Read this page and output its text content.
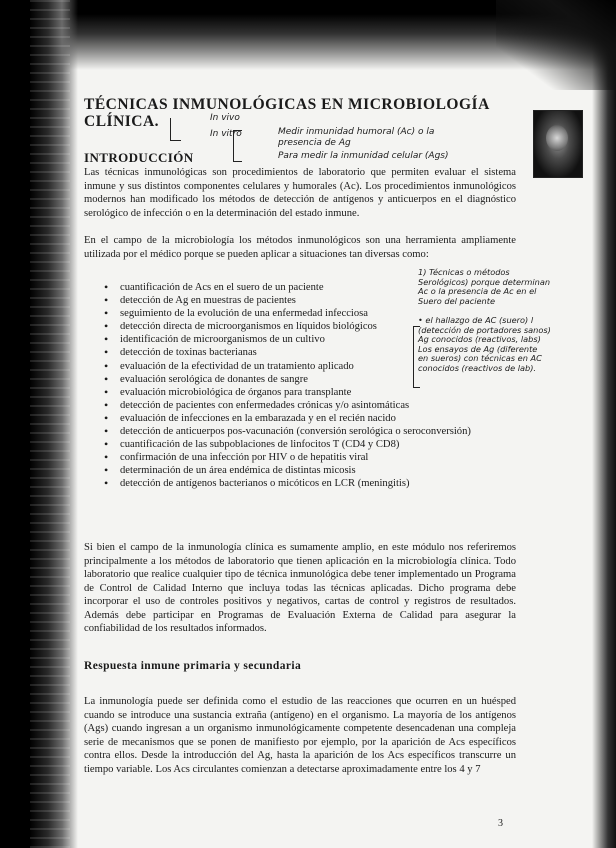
TÉCNICAS INMUNOLÓGICAS EN MICROBIOLOGÍA
CLÍNICA.	In vivo
In vitro	Medir inmunidad humoral (Ac) o la
presencia de Ag
Para medir la inmunidad celular (Ags)
INTRODUCCIÓN
Las técnicas inmunológicas son procedimientos de laboratorio que permiten evaluar el sistema inmune y sus distintos componentes celulares y humorales (Ac). Los procedimientos inmunológicos modernos han modificado los métodos de detección de antígenos y anticuerpos en el diagnóstico serológico de infección o en la determinación del estado inmune.
En el campo de la microbiología los métodos inmunológicos son una herramienta ampliamente utilizada por el médico porque se pueden aplicar a situaciones tan diversas como:
• cuantificación de Acs en el suero de un paciente
• detección de Ag en muestras de pacientes
• seguimiento de la evolución de una enfermedad infecciosa
• detección directa de microorganismos en líquidos biológicos
• identificación de microorganismos de un cultivo
• detección de toxinas bacterianas
• evaluación de la efectividad de un tratamiento aplicado
• evaluación serológica de donantes de sangre
• evaluación microbiológica de órganos para transplante
• detección de pacientes con enfermedades crónicas y/o asintomáticas
• evaluación de infecciones en la embarazada y en el recién nacido
• detección de anticuerpos pos-vacunación (conversión serológica o seroconversión)
• cuantificación de las subpoblaciones de linfocitos T (CD4 y CD8)
• confirmación de una infección por HIV o de hepatitis viral
• determinación de un área endémica de distintas micosis
• detección de antígenos bacterianos o micóticos en LCR (meningitis)
1) Técnicas o métodos
Serológicos) porque determinan
Ac o la presencia de Ac en el
Suero del paciente

• el hallazgo de AC (suero) l
(detección de portadores sanos)
Ag conocidos (reactivos, labs)
Los ensayos de Ag (diferente
en sueros) con técnicas en AC
conocidos (reactivos de lab).
Si bien el campo de la inmunología clínica es sumamente amplio, en este módulo nos referiremos principalmente a los métodos de laboratorio que tienen aplicación en la microbiología clínica. Todo laboratorio que realice cualquier tipo de técnica inmunológica debe tener implementado un Programa de Control de Calidad Interno que incluya todas las técnicas aplicadas. Dicho programa debe incorporar el uso de controles positivos y negativos, cartas de control y registros de resultados. Además debe participar en Programas de Evaluación Externa de Calidad para asegurar la confiabilidad de los resultados informados.
Respuesta inmune primaria y secundaria
La inmunología puede ser definida como el estudio de las reacciones que ocurren en un huésped cuando se introduce una sustancia extraña (antígeno) en el organismo. La mayoría de los antígenos (Ags) cuando ingresan a un organismo inmunológicamente competente desencadenan una compleja serie de mecanismos que se ponen de manifiesto por ejemplo, por la aparición de Acs específicos contra ellos. Desde la introducción del Ag, hasta la aparición de los Acs específicos transcurre un tiempo variable. Los Acs circulantes comienzan a detectarse aproximadamente entre los 4 y 7
3
